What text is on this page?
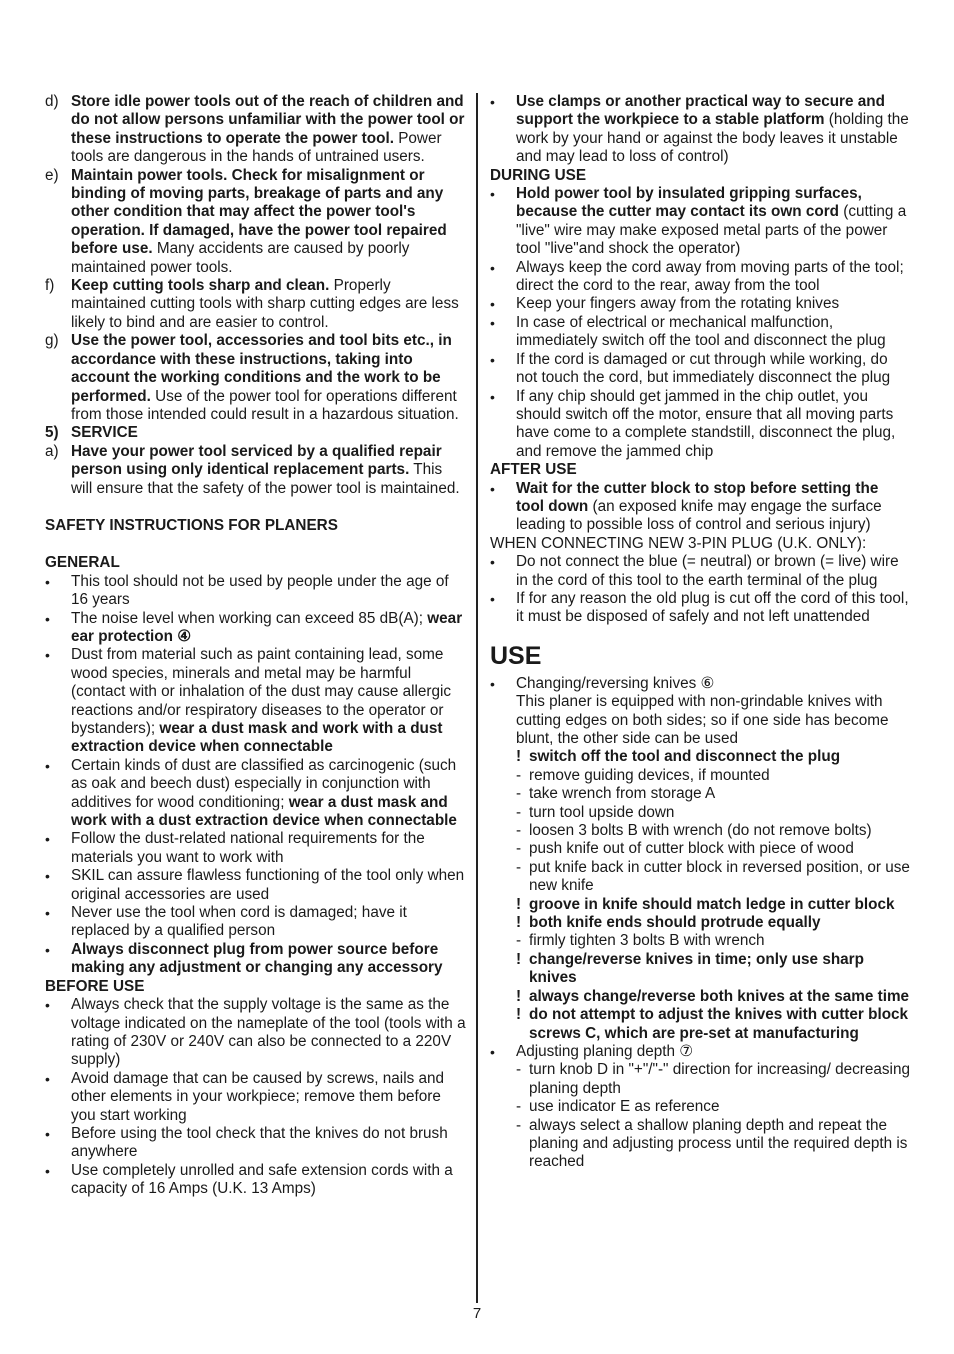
d) Store idle power tools out of the reach of children and do not allow persons unfamiliar with the power tool or these instructions to operate the power tool. Power tools are dangerous in the hands of untrained users.

e) Maintain power tools. Check for misalignment or binding of moving parts, breakage of parts and any other condition that may affect the power tool's operation. If damaged, have the power tool repaired before use. Many accidents are caused by poorly maintained power tools.

f)	Keep cutting tools sharp and clean. Properly maintained cutting tools with sharp cutting edges are less likely to bind and are easier to control.

g) Use the power tool, accessories and tool bits etc., in accordance with these instructions, taking into account the working conditions and the work to be performed. Use of the power tool for operations different from those intended could result in a hazardous situation.

5) SERVICE

a) Have your power tool serviced by a qualified repair person using only identical replacement parts. This will ensure that the safety of the power tool is maintained.

SAFETY INSTRUCTIONS FOR PLANERS

GENERAL

• This tool should not be used by people under the age of 16 years

• The noise level when working can exceed 85 dB(A); wear ear protection ④

• Dust from material such as paint containing lead, some wood species, minerals and metal may be harmful (contact with or inhalation of the dust may cause allergic reactions and/or respiratory diseases to the operator or bystanders); wear a dust mask and work with a dust extraction device when connectable

• Certain kinds of dust are classified as carcinogenic (such as oak and beech dust) especially in conjunction with additives for wood conditioning; wear a dust mask and work with a dust extraction device when connectable

• Follow the dust-related national requirements for the materials you want to work with

• SKIL can assure flawless functioning of the tool only when original accessories are used

• Never use the tool when cord is damaged; have it replaced by a qualified person

• Always disconnect plug from power source before making any adjustment or changing any accessory

BEFORE USE

• Always check that the supply voltage is the same as the voltage indicated on the nameplate of the tool (tools with a rating of 230V or 240V can also be connected to a 220V supply)

• Avoid damage that can be caused by screws, nails and other elements in your workpiece; remove them before you start working

• Before using the tool check that the knives do not brush anywhere

• Use completely unrolled and safe extension cords with a capacity of 16 Amps (U.K. 13 Amps)

• Use clamps or another practical way to secure and support the workpiece to a stable platform (holding the work by your hand or against the body leaves it unstable and may lead to loss of control)

DURING USE

• Hold power tool by insulated gripping surfaces, because the cutter may contact its own cord (cutting a "live" wire may make exposed metal parts of the power tool "live"and shock the operator)

• Always keep the cord away from moving parts of the tool; direct the cord to the rear, away from the tool

• Keep your fingers away from the rotating knives

• In case of electrical or mechanical malfunction, immediately switch off the tool and disconnect the plug

• If the cord is damaged or cut through while working, do not touch the cord, but immediately disconnect the plug

• If any chip should get jammed in the chip outlet, you should switch off the motor, ensure that all moving parts have come to a complete standstill, disconnect the plug, and remove the jammed chip

AFTER USE

• Wait for the cutter block to stop before setting the tool down (an exposed knife may engage the surface leading to possible loss of control and serious injury)

WHEN CONNECTING NEW 3-PIN PLUG (U.K. ONLY):

• Do not connect the blue (= neutral) or brown (= live) wire in the cord of this tool to the earth terminal of the plug

• If for any reason the old plug is cut off the cord of this tool, it must be disposed of safely and not left unattended

USE

• Changing/reversing knives ⑥

This planer is equipped with non-grindable knives with cutting edges on both sides; so if one side has become blunt, the other side can be used

! switch off the tool and disconnect the plug

- remove guiding devices, if mounted

- take wrench from storage A

- turn tool upside down

- loosen 3 bolts B with wrench (do not remove bolts)

- push knife out of cutter block with piece of wood

- put knife back in cutter block in reversed position, or use new knife

! groove in knife should match ledge in cutter block

! both knife ends should protrude equally

- firmly tighten 3 bolts B with wrench

! change/reverse knives in time; only use sharp knives

! always change/reverse both knives at the same time

! do not attempt to adjust the knives with cutter block screws C, which are pre-set at manufacturing

• Adjusting planing depth ⑦

- turn knob D in "+"/"-" direction for increasing/ decreasing planing depth

- use indicator E as reference

- always select a shallow planing depth and repeat the planing and adjusting process until the required depth is reached

7
